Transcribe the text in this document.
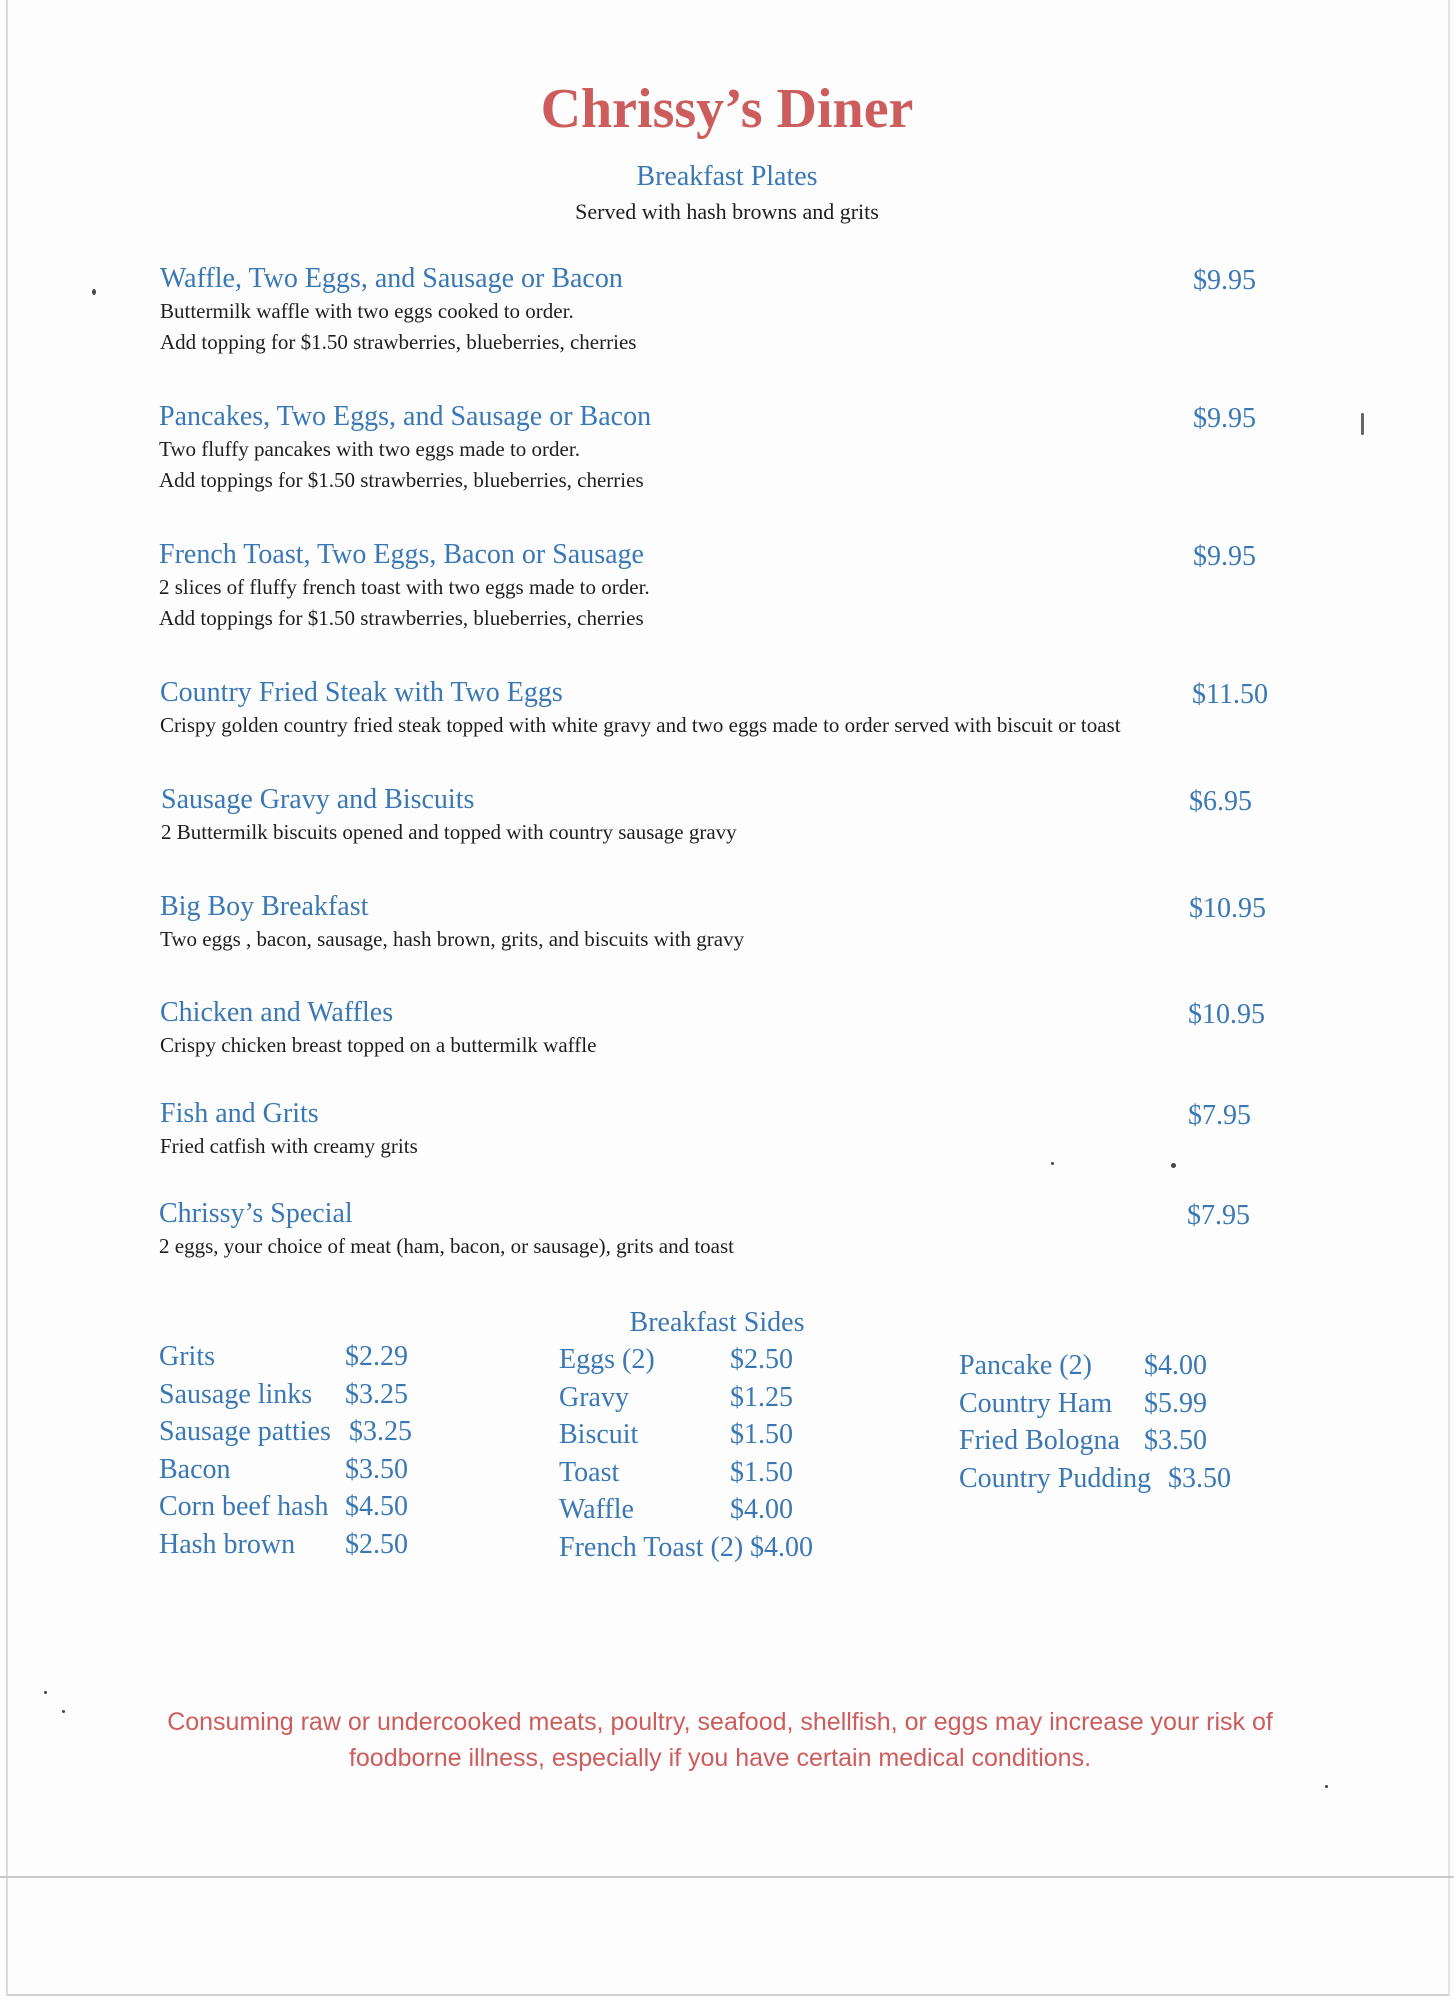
Chrissy’s Diner
Breakfast Plates
Served with hash browns and grits
Waffle, Two Eggs, and Sausage or Bacon	$9.95
Buttermilk waffle with two eggs cooked to order.
Add topping for $1.50 strawberries, blueberries, cherries
Pancakes, Two Eggs, and Sausage or Bacon	$9.95
Two fluffy pancakes with two eggs made to order.
Add toppings for $1.50 strawberries, blueberries, cherries
French Toast, Two Eggs, Bacon or Sausage	$9.95
2 slices of fluffy french toast with two eggs made to order.
Add toppings for $1.50 strawberries, blueberries, cherries
Country Fried Steak with Two Eggs	$11.50
Crispy golden country fried steak topped with white gravy and two eggs made to order served with biscuit or toast
Sausage Gravy and Biscuits	$6.95
2 Buttermilk biscuits opened and topped with country sausage gravy
Big Boy Breakfast	$10.95
Two eggs , bacon, sausage, hash brown, grits, and biscuits with gravy
Chicken and Waffles	$10.95
Crispy chicken breast topped on a buttermilk waffle
Fish and Grits	$7.95
Fried catfish with creamy grits
Chrissy’s Special	$7.95
2 eggs, your choice of meat (ham, bacon, or sausage), grits and toast
Breakfast Sides
Grits	$2.29
Sausage links $3.25
Sausage patties $3.25
Bacon	$3.50
Corn beef hash $4.50
Hash brown $2.50
Eggs (2)	$2.50
Gravy	$1.25
Biscuit	$1.50
Toast	$1.50
Waffle	$4.00
French Toast (2) $4.00
Pancake (2) $4.00
Country Ham $5.99
Fried Bologna $3.50
Country Pudding $3.50
Consuming raw or undercooked meats, poultry, seafood, shellfish, or eggs may increase your risk of foodborne illness, especially if you have certain medical conditions.
